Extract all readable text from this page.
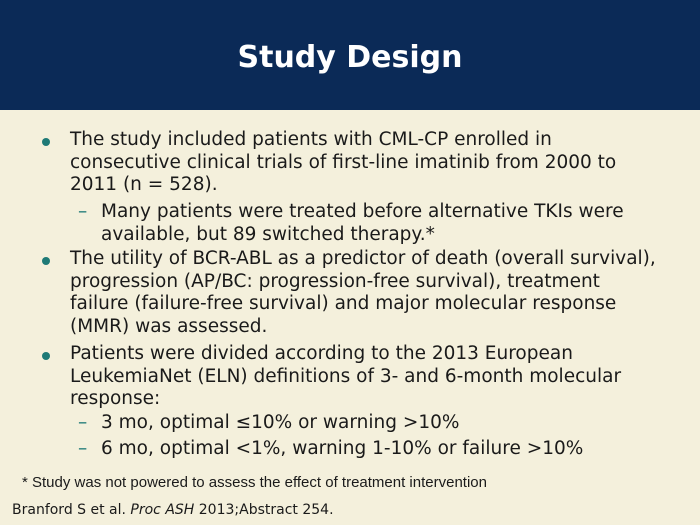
Study Design
The study included patients with CML-CP enrolled in consecutive clinical trials of first-line imatinib from 2000 to 2011 (n = 528).
– Many patients were treated before alternative TKIs were available, but 89 switched therapy.*
The utility of BCR-ABL as a predictor of death (overall survival), progression (AP/BC: progression-free survival), treatment failure (failure-free survival) and major molecular response (MMR) was assessed.
Patients were divided according to the 2013 European LeukemiaNet (ELN) definitions of 3- and 6-month molecular response:
– 3 mo, optimal ≤10% or warning >10%
– 6 mo, optimal <1%, warning 1-10% or failure >10%
* Study was not powered to assess the effect of treatment intervention
Branford S et al. Proc ASH 2013;Abstract 254.
